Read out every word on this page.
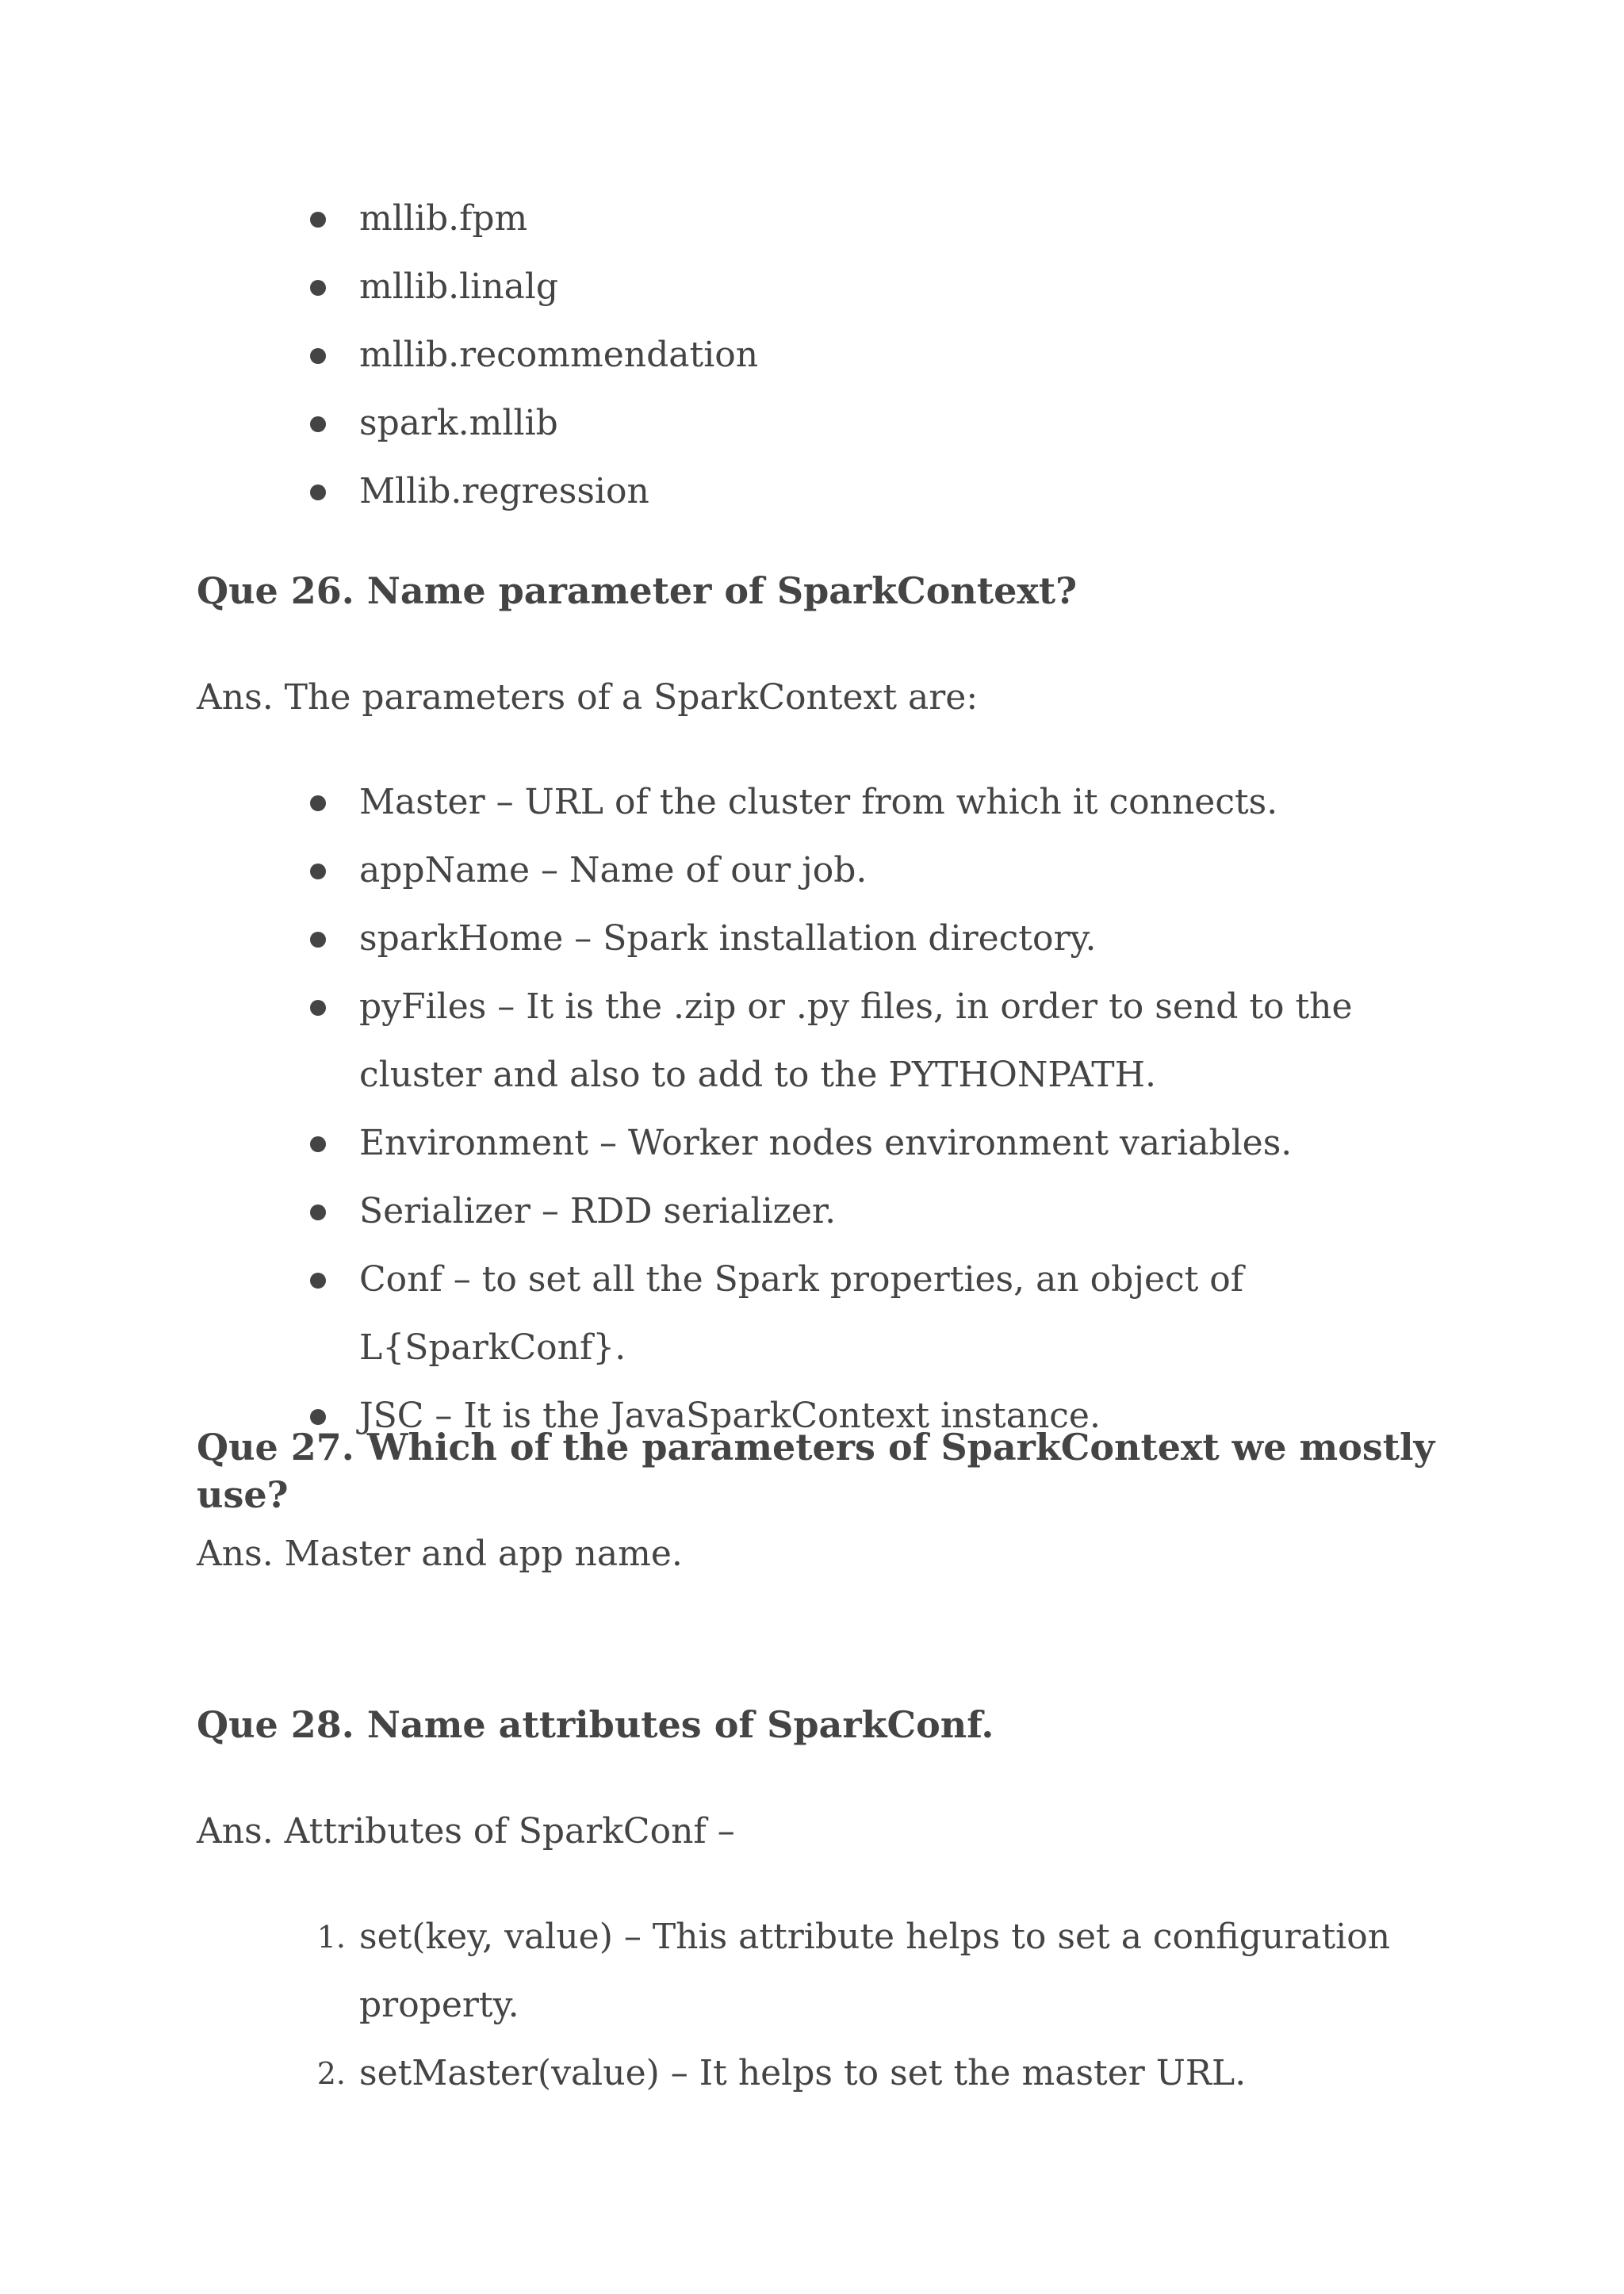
mllib.fpm
mllib.linalg
mllib.recommendation
spark.mllib
Mllib.regression
Que 26. Name parameter of SparkContext?

Ans. The parameters of a SparkContext are:

Master – URL of the cluster from which it connects.
appName – Name of our job.
sparkHome – Spark installation directory.
pyFiles – It is the .zip or .py files, in order to send to the cluster and also to add to the PYTHONPATH.
Environment – Worker nodes environment variables.
Serializer – RDD serializer.
Conf – to set all the Spark properties, an object of L{SparkConf}.
JSC – It is the JavaSparkContext instance.
Que 27. Which of the parameters of SparkContext we mostly use?

Ans. Master and app name.

Que 28. Name attributes of SparkConf.

Ans. Attributes of SparkConf –

1. set(key, value) – This attribute helps to set a configuration property.
2. setMaster(value) – It helps to set the master URL.
